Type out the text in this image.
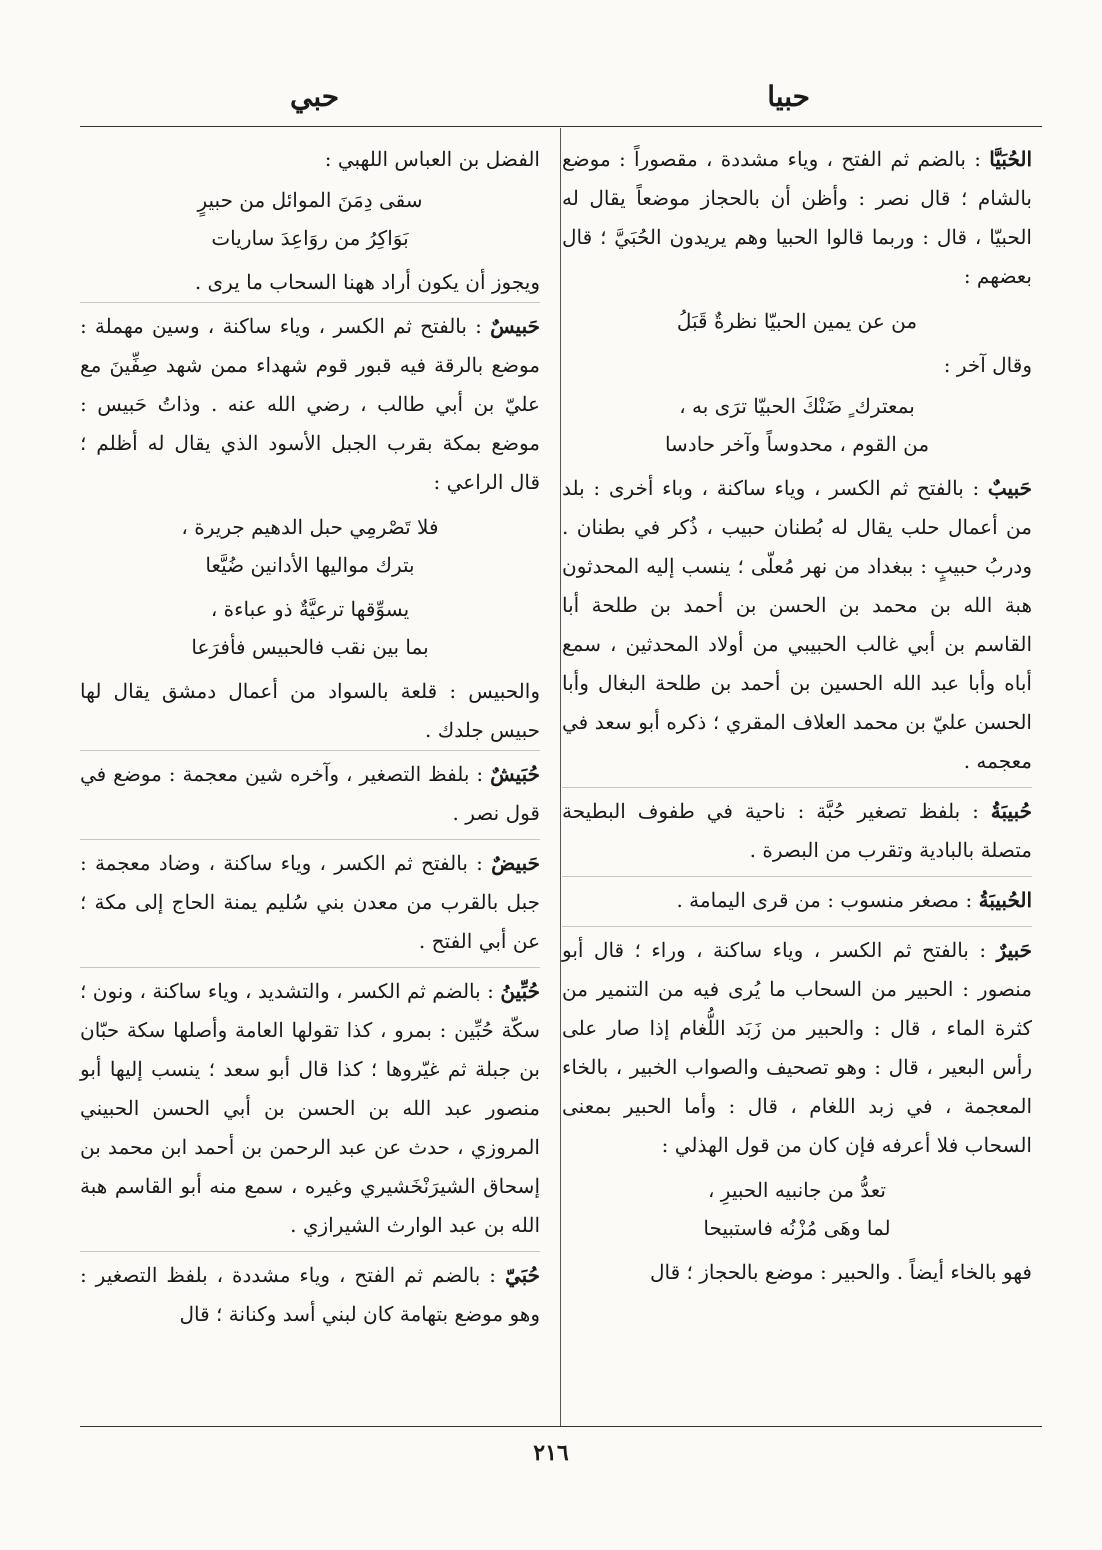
حبيا
حبي

الحُبَيَّا : بالضم ثم الفتح ، وياء مشددة ، مقصوراً : موضع بالشام ؛ قال نصر : وأظن أن بالحجاز موضعاً يقال له الحبيّا ، قال : وربما قالوا الحبيا وهم يريدون الحُبَيَّ ؛ قال بعضهم :

من عن يمين الحبيّا نظرةٌ قَبَلُ

وقال آخر :

بمعترك ٍ ضَنْكَ الحبيّا ترَى به ،
من القوم ، محدوساً وآخر حادسا

حَبيبٌ : بالفتح ثم الكسر ، وياء ساكنة ، وباء أخرى : بلد من أعمال حلب يقال له بُطنان حبيب ، ذُكر في بطنان . ودربُ حبيبٍ : ببغداد من نهر مُعلّى ؛ ينسب إليه المحدثون هبة الله بن محمد بن الحسن بن أحمد بن طلحة أبا القاسم بن أبي غالب الحبيبي من أولاد المحدثين ، سمع أباه وأبا عبد الله الحسين بن أحمد بن طلحة البغال وأبا الحسن عليّ بن محمد العلاف المقري ؛ ذكره أبو سعد في معجمه .

حُبيبَةُ : بلفظ تصغير حُبَّة : ناحية في طفوف البطيحة متصلة بالبادية وتقرب من البصرة .

الحُبيبَةُ : مصغر منسوب : من قرى اليمامة .

حَبيرٌ : بالفتح ثم الكسر ، وياء ساكنة ، وراء ؛ قال أبو منصور : الحبير من السحاب ما يُرى فيه من التنمير من كثرة الماء ، قال : والحبير من زَبَد اللُّغام إذا صار على رأس البعير ، قال : وهو تصحيف والصواب الخبير ، بالخاء المعجمة ، في زبد اللغام ، قال : وأما الحبير بمعنى السحاب فلا أعرفه فإن كان من قول الهذلي :

تعدُّ من جانبيه الحبيرِ ،
لما وهَى مُزْنُه فاستبيحا

فهو بالخاء أيضاً . والحبير : موضع بالحجاز ؛ قال

الفضل بن العباس اللهبي :

سقى دِمَنَ الموائل من حبيرٍ
بَوَاكِرُ من روَاعِدَ ساريات

ويجوز أن يكون أراد ههنا السحاب ما يرى .

حَبيسٌ : بالفتح ثم الكسر ، وياء ساكنة ، وسين مهملة : موضع بالرقة فيه قبور قوم شهداء ممن شهد صِفِّينَ مع عليّ بن أبي طالب ، رضي الله عنه . وذاتُ حَبيس : موضع بمكة بقرب الجبل الأسود الذي يقال له أظلم ؛ قال الراعي :

فلا تَصْرمِي حبل الدهيم جريرة ،
بترك مواليها الأدانين ضُيَّعا
يسوِّقها ترعيَّةٌ ذو عباءة ،
بما بين نقب فالحبيس فأفرَعا

والحبيس : قلعة بالسواد من أعمال دمشق يقال لها حبيس جلدك .

حُبَيشٌ : بلفظ التصغير ، وآخره شين معجمة : موضع في قول نصر .

حَبيضٌ : بالفتح ثم الكسر ، وياء ساكنة ، وضاد معجمة : جبل بالقرب من معدن بني سُليم يمنة الحاج إلى مكة ؛ عن أبي الفتح .

حُبِّينُ : بالضم ثم الكسر ، والتشديد ، وياء ساكنة ، ونون ؛ سكّة حُبِّين : بمرو ، كذا تقولها العامة وأصلها سكة حبّان بن جبلة ثم غيّروها ؛ كذا قال أبو سعد ؛ ينسب إليها أبو منصور عبد الله بن الحسن بن أبي الحسن الحبيني المروزي ، حدث عن عبد الرحمن بن أحمد ابن محمد بن إسحاق الشيرَنْخَشيري وغيره ، سمع منه أبو القاسم هبة الله بن عبد الوارث الشيرازي .

حُبَيّ : بالضم ثم الفتح ، وياء مشددة ، بلفظ التصغير : وهو موضع بتهامة كان لبني أسد وكنانة ؛ قال

٢١٦
